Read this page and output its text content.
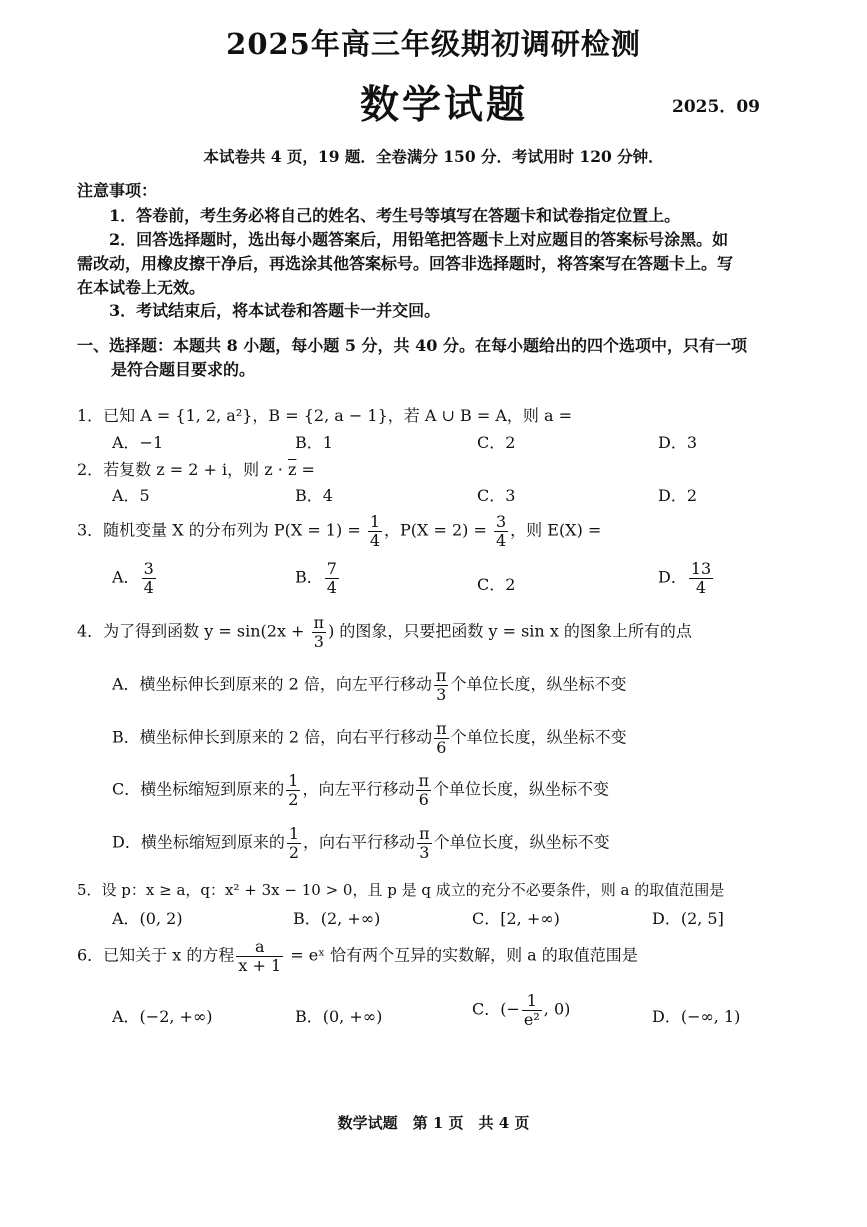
2025年高三年级期初调研检测
数学试题	2025．09
本试卷共 4 页，19 题．全卷满分 150 分．考试用时 120 分钟．
注意事项：
1．答卷前，考生务必将自己的姓名、考生号等填写在答题卡和试卷指定位置上。
2．回答选择题时，选出每小题答案后，用铅笔把答题卡上对应题目的答案标号涂黑。如
需改动，用橡皮擦干净后，再选涂其他答案标号。回答非选择题时，将答案写在答题卡上。写
在本试卷上无效。
3．考试结束后，将本试卷和答题卡一并交回。
一、选择题：本题共 8 小题，每小题 5 分，共 40 分。在每小题给出的四个选项中，只有一项
是符合题目要求的。
1．已知 A = {1, 2, a²}，B = {2, a − 1}，若 A ∪ B = A，则 a =
A．−1	B．1	C．2	D．3
2．若复数 z = 2 + i，则 $z \cdot \overline{z}$ =
A．5	B．4	C．3	D．2
3．随机变量 X 的分布列为 $P(X = 1) = \frac{1}{4}$ ，$P(X = 2) = \frac{3}{4}$ ，则 E(X) =
A． $\frac{3}{4}$	B． $\frac{7}{4}$	C．2	D． $\frac{13}{4}$
4．为了得到函数 $y = \sin(2x + \frac{\pi}{3}$ ) 的图象，只要把函数 y = sin x 的图象上所有的点
A．横坐标伸长到原来的 2 倍，向左平行移动 $\frac{\pi}{3}$ 个单位长度，纵坐标不变
B．横坐标伸长到原来的 2 倍，向右平行移动 $\frac{\pi}{6}$ 个单位长度，纵坐标不变
C．横坐标缩短到原来的 $\frac{1}{2}$ ，向左平行移动 $\frac{\pi}{6}$ 个单位长度，纵坐标不变
D．横坐标缩短到原来的 $\frac{1}{2}$ ，向右平行移动 $\frac{\pi}{3}$ 个单位长度，纵坐标不变
5．设 p：x ≥ a，q：x² + 3x − 10 > 0，且 p 是 q 成立的充分不必要条件，则 a 的取值范围是
A．(0, 2)	B．(2, +∞)	C．[2, +∞)	D．(2, 5]
6．已知关于 x 的方程 $\frac{a}{x + 1}$ = eˣ 恰有两个互异的实数解，则 a 的取值范围是
A．(−2, +∞)	B．(0, +∞)	C．(− $\frac{1}{\text{e²}}$ , 0)	D．(−∞, 1)
数学试题　第 1 页　共 4 页
